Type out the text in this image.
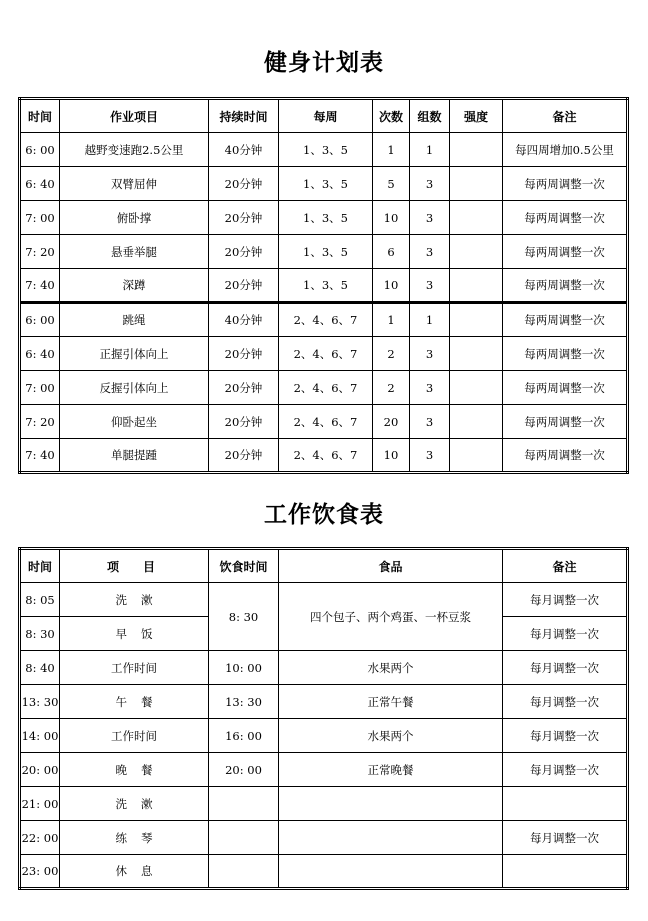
健身计划表
时间	作业项目	持续时间	每周	次数	组数	强度	备注
6: 00	越野变速跑2.5公里	40分钟	1、3、5	1	1		每四周增加0.5公里
6: 40	双臂屈伸	20分钟	1、3、5	5	3		每两周调整一次
7: 00	俯卧撑	20分钟	1、3、5	10	3		每两周调整一次
7: 20	悬垂举腿	20分钟	1、3、5	6	3		每两周调整一次
7: 40	深蹲	20分钟	1、3、5	10	3		每两周调整一次
6: 00	跳绳	40分钟	2、4、6、7	1	1		每两周调整一次
6: 40	正握引体向上	20分钟	2、4、6、7	2	3		每两周调整一次
7: 00	反握引体向上	20分钟	2、4、6、7	2	3		每两周调整一次
7: 20	仰卧起坐	20分钟	2、4、6、7	20	3		每两周调整一次
7: 40	单腿提踵	20分钟	2、4、6、7	10	3		每两周调整一次
工作饮食表
时间	项　目	饮食时间	食品	备注
8: 05	洗漱	8: 30	四个包子、两个鸡蛋、一杯豆浆	每月调整一次
8: 30	早饭			每月调整一次
8: 40	工作时间	10: 00	水果两个	每月调整一次
13: 30	午餐	13: 30	正常午餐	每月调整一次
14: 00	工作时间	16: 00	水果两个	每月调整一次
20: 00	晚餐	20: 00	正常晚餐	每月调整一次
21: 00	洗漱			
22: 00	练琴			每月调整一次
23: 00	休息			
